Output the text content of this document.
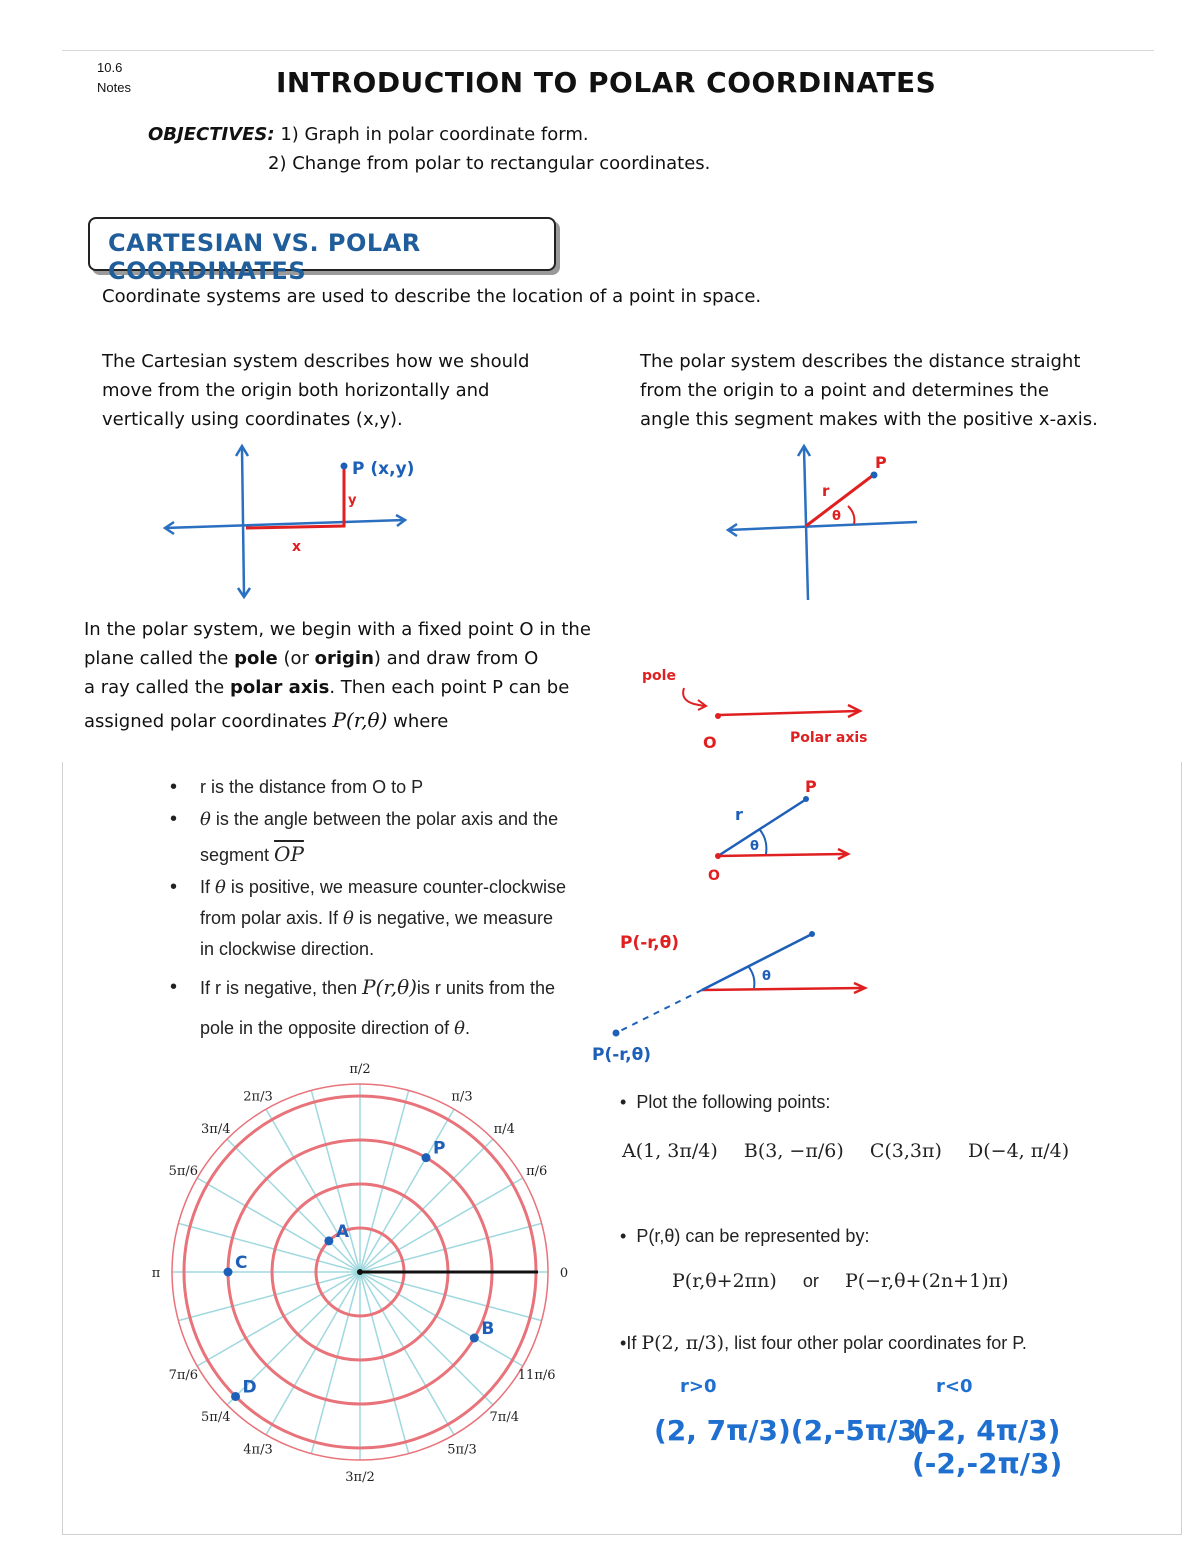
10.6
Notes	INTRODUCTION TO POLAR COORDINATES
OBJECTIVES: 1) Graph in polar coordinate form.
2) Change from polar to rectangular coordinates.
CARTESIAN VS. POLAR COORDINATES
Coordinate systems are used to describe the location of a point in space.
The Cartesian system describes how we should
move from the origin both horizontally and
vertically using coordinates (x,y).
The polar system describes the distance straight
from the origin to a point and determines the
angle this segment makes with the positive x-axis.
P (x,y)
x
y
P
r
θ
In the polar system, we begin with a fixed point O in the
plane called the pole (or origin) and draw from O
a ray called the polar axis. Then each point P can be
assigned polar coordinates P(r,θ) where
pole
O	Polar axis
• r is the distance from O to P
• θ is the angle between the polar axis and the
segment $\overline{OP}$
• If θ is positive, we measure counter-clockwise
from polar axis. If θ is negative, we measure
in clockwise direction.
• If r is negative, then P(r,θ)is r units from the
pole in the opposite direction of θ.
P
r
θ
O
P(-r,θ)
θ
P(-r,θ)
0
π/6
π/4
π/3
π/2
2π/3
3π/4
5π/6
π
7π/6
5π/4
4π/3
3π/2
5π/3
7π/4
11π/6
P
A
B
C
D
• Plot the following points:
A(1, 3π/4) B(3, −π/6) C(3,3π) D(−4, π/4)
• P(r,θ) can be represented by:
P(r,θ+2πn) or P(−r,θ+(2n+1)π)
•If P(2, π/3), list four other polar coordinates for P.
r>0	r<0
(2, 7π/3)(2,-5π/3)
(-2, 4π/3)(-2,-2π/3)
